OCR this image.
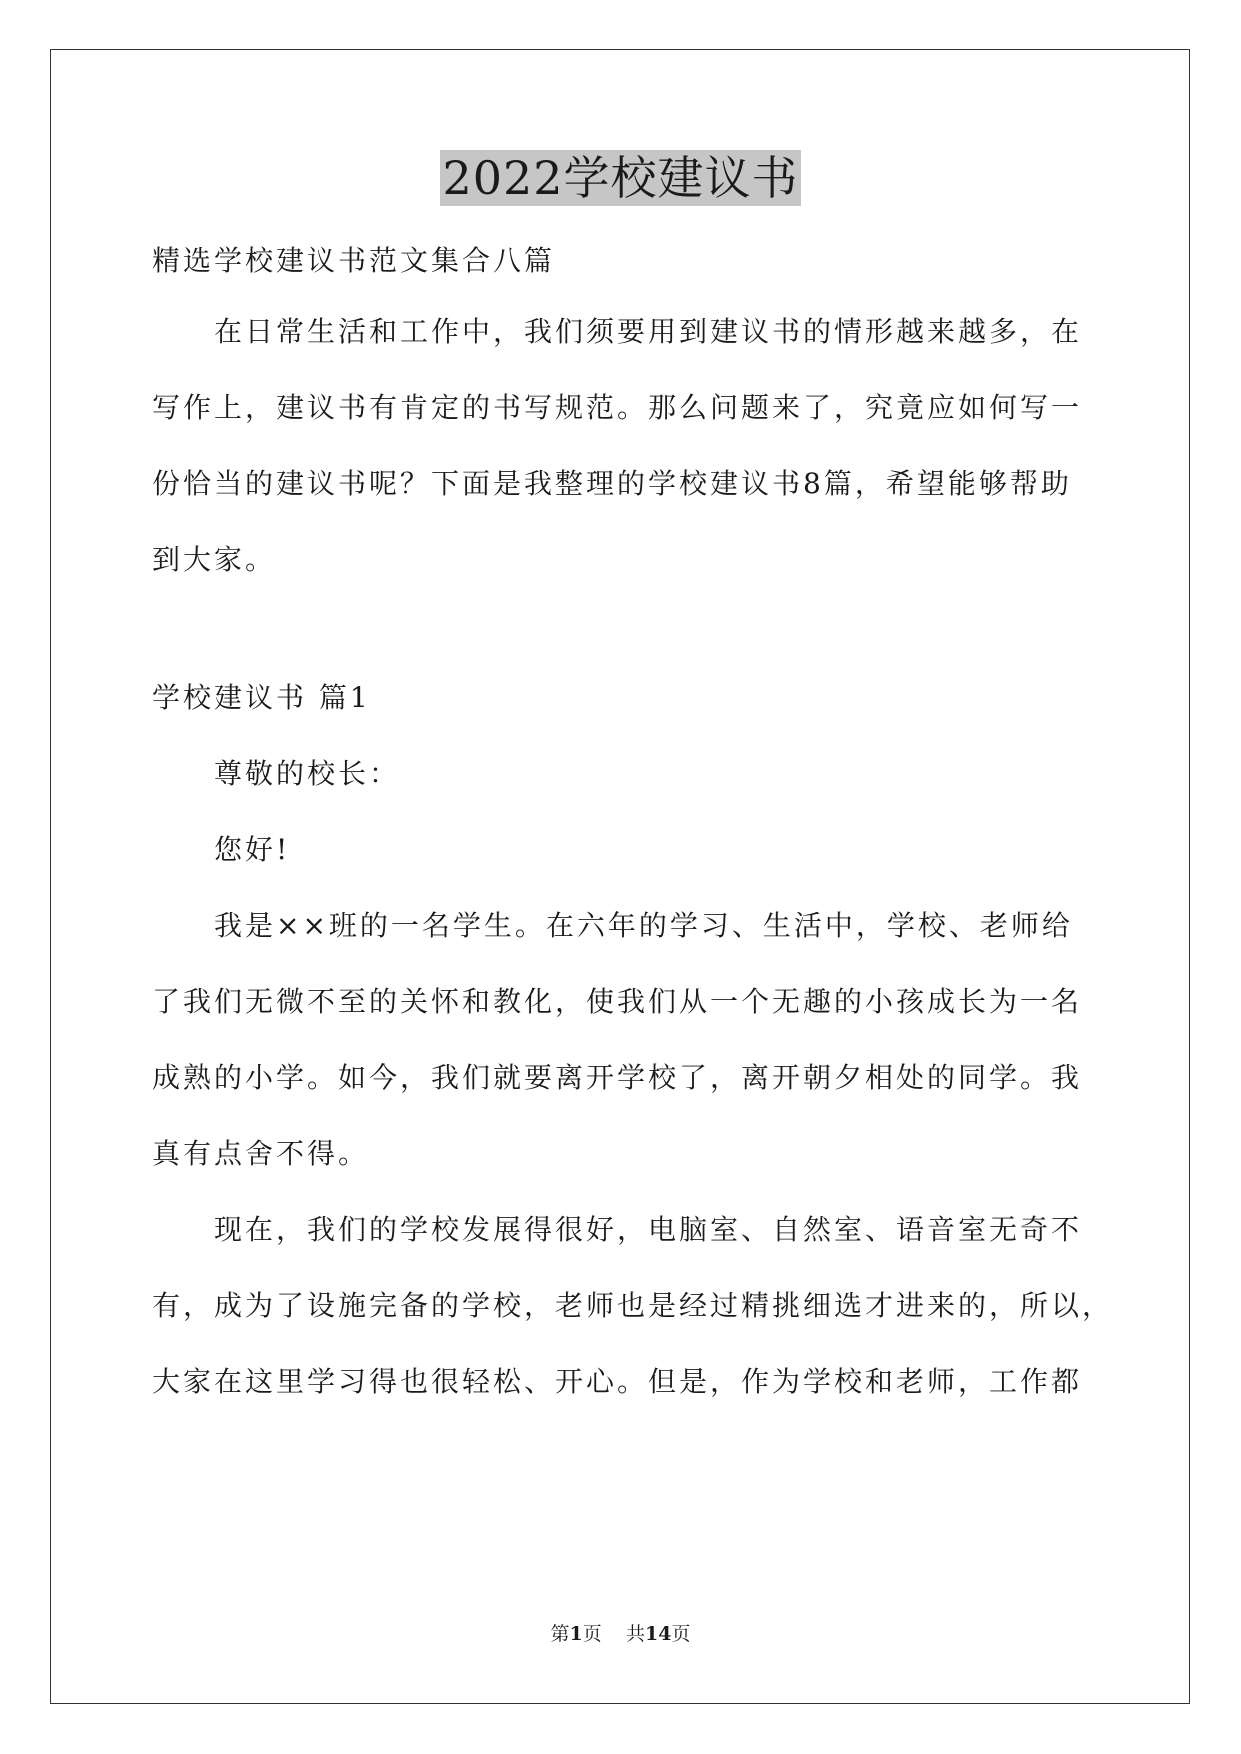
2022学校建议书

精选学校建议书范文集合八篇

在日常生活和工作中，我们须要用到建议书的情形越来越多，在

写作上，建议书有肯定的书写规范。那么问题来了，究竟应如何写一

份恰当的建议书呢？下面是我整理的学校建议书8篇，希望能够帮助

到大家。

学校建议书 篇1

尊敬的校长：

您好!

我是××班的一名学生。在六年的学习、生活中，学校、老师给

了我们无微不至的关怀和教化，使我们从一个无趣的小孩成长为一名

成熟的小学。如今，我们就要离开学校了，离开朝夕相处的同学。我

真有点舍不得。

现在，我们的学校发展得很好，电脑室、自然室、语音室无奇不

有，成为了设施完备的学校，老师也是经过精挑细选才进来的，所以，

大家在这里学习得也很轻松、开心。但是，作为学校和老师，工作都

第1页 共14页
